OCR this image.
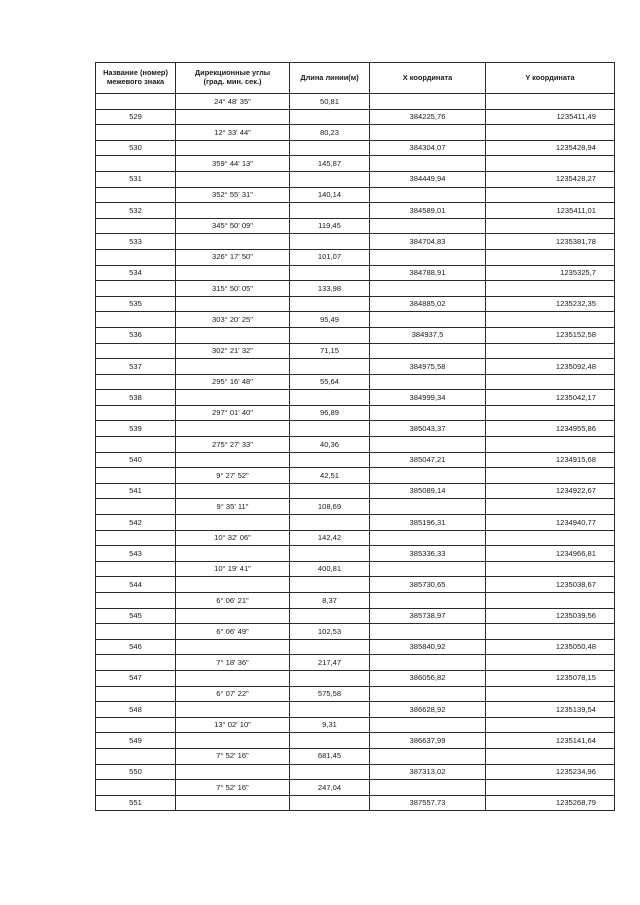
Название (номер)
межевого знака	Дирекционные углы
(град. мин. сек.)	Длина линии(м)	X координата	Y координата
	24° 48' 35"	50,81		
529			384225,76	1235411,49
	12° 33' 44"	80,23		
530			384304,07	1235428,94
	359° 44' 13"	145,87		
531			384449,94	1235428,27
	352° 55' 31"	140,14		
532			384589,01	1235411,01
	345° 50' 09"	119,45		
533			384704,83	1235381,78
	326° 17' 50"	101,07		
534			384788,91	1235325,7
	315° 50' 05"	133,98		
535			384885,02	1235232,35
	303° 20' 25"	95,49		
536			384937,5	1235152,58
	302° 21' 32"	71,15		
537			384975,58	1235092,48
	295° 16' 48"	55,64		
538			384999,34	1235042,17
	297° 01' 40"	96,89		
539			385043,37	1234955,86
	275° 27' 33"	40,36		
540			385047,21	1234915,68
	9° 27' 52"	42,51		
541			385089,14	1234922,67
	9° 35' 11"	108,69		
542			385196,31	1234940,77
	10° 32' 06"	142,42		
543			385336,33	1234966,81
	10° 19' 41"	400,81		
544			385730,65	1235038,67
	6° 06' 21"	8,37		
545			385738,97	1235039,56
	6° 06' 49"	102,53		
546			385840,92	1235050,48
	7° 18' 36"	217,47		
547			386056,82	1235078,15
	6° 07' 22"	575,58		
548			386628,92	1235139,54
	13° 02' 10"	9,31		
549			386637,99	1235141,64
	7° 52' 16"	681,45		
550			387313,02	1235234,96
	7° 52' 16"	247,04		
551			387557,73	1235268,79
